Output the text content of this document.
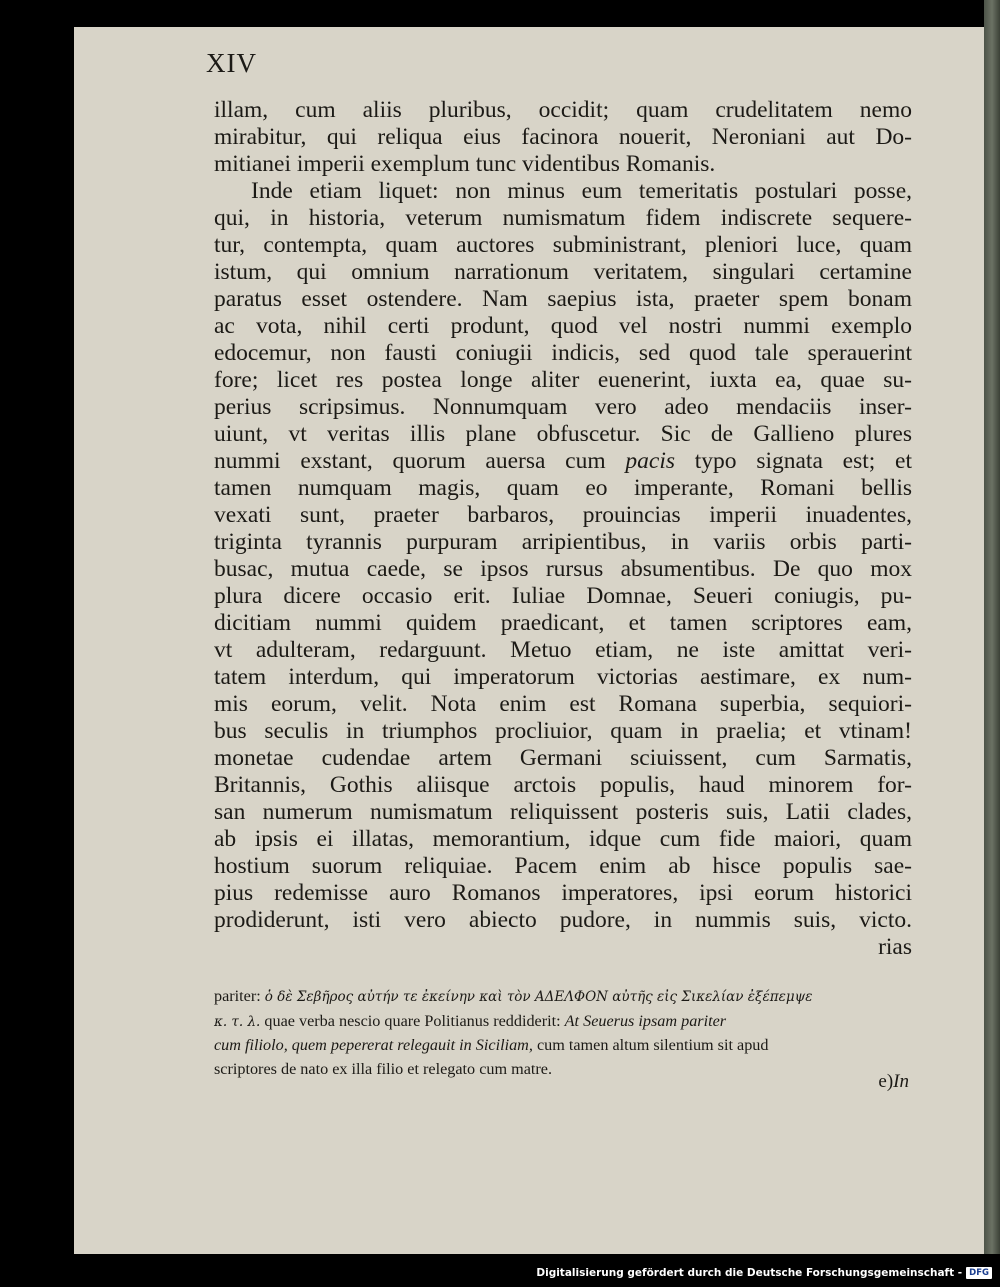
XIV
illam, cum aliis pluribus, occidit; quam crudelitatem nemo
mirabitur, qui reliqua eius facinora nouerit, Neroniani aut Do-
mitianei imperii exemplum tunc videntibus Romanis.
Inde etiam liquet: non minus eum temeritatis postulari posse,
qui, in historia, veterum numismatum fidem indiscrete sequere-
tur, contempta, quam auctores subministrant, pleniori luce, quam
istum, qui omnium narrationum veritatem, singulari certamine
paratus esset ostendere. Nam saepius ista, praeter spem bonam
ac vota, nihil certi produnt, quod vel nostri nummi exemplo
edocemur, non fausti coniugii indicis, sed quod tale sperauerint
fore; licet res postea longe aliter euenerint, iuxta ea, quae su-
perius scripsimus. Nonnumquam vero adeo mendaciis inser-
uiunt, vt veritas illis plane obfuscetur. Sic de Gallieno plures
nummi exstant, quorum auersa cum pacis typo signata est; et
tamen numquam magis, quam eo imperante, Romani bellis
vexati sunt, praeter barbaros, prouincias imperii inuadentes,
triginta tyrannis purpuram arripientibus, in variis orbis parti-
busac, mutua caede, se ipsos rursus absumentibus. De quo mox
plura dicere occasio erit. Iuliae Domnae, Seueri coniugis, pu-
dicitiam nummi quidem praedicant, et tamen scriptores eam,
vt adulteram, redarguunt. Metuo etiam, ne iste amittat veri-
tatem interdum, qui imperatorum victorias aestimare, ex num-
mis eorum, velit. Nota enim est Romana superbia, sequiori-
bus seculis in triumphos procliuior, quam in praelia; et vtinam!
monetae cudendae artem Germani sciuissent, cum Sarmatis,
Britannis, Gothis aliisque arctois populis, haud minorem for-
san numerum numismatum reliquissent posteris suis, Latii clades,
ab ipsis ei illatas, memorantium, idque cum fide maiori, quam
hostium suorum reliquiae. Pacem enim ab hisce populis sae-
pius redemisse auro Romanos imperatores, ipsi eorum historici
prodiderunt, isti vero abiecto pudore, in nummis suis, victo.
rias
pariter: ὁ δὲ Σεβῆρος αὐτήν τε ἐκείνην καὶ τὸν ΑΔΕΛΦΟΝ αὐτῆς εἰς Σικελίαν ἐξέπεμψε
κ. τ. λ. quae verba nescio quare Politianus reddiderit: At Seuerus ipsam pariter
cum filiolo, quem pepererat relegauit in Siciliam, cum tamen altum silentium sit apud
scriptores de nato ex illa filio et relegato cum matre.
e)In
Digitalisierung gefördert durch die Deutsche Forschungsgemeinschaft - DFG
